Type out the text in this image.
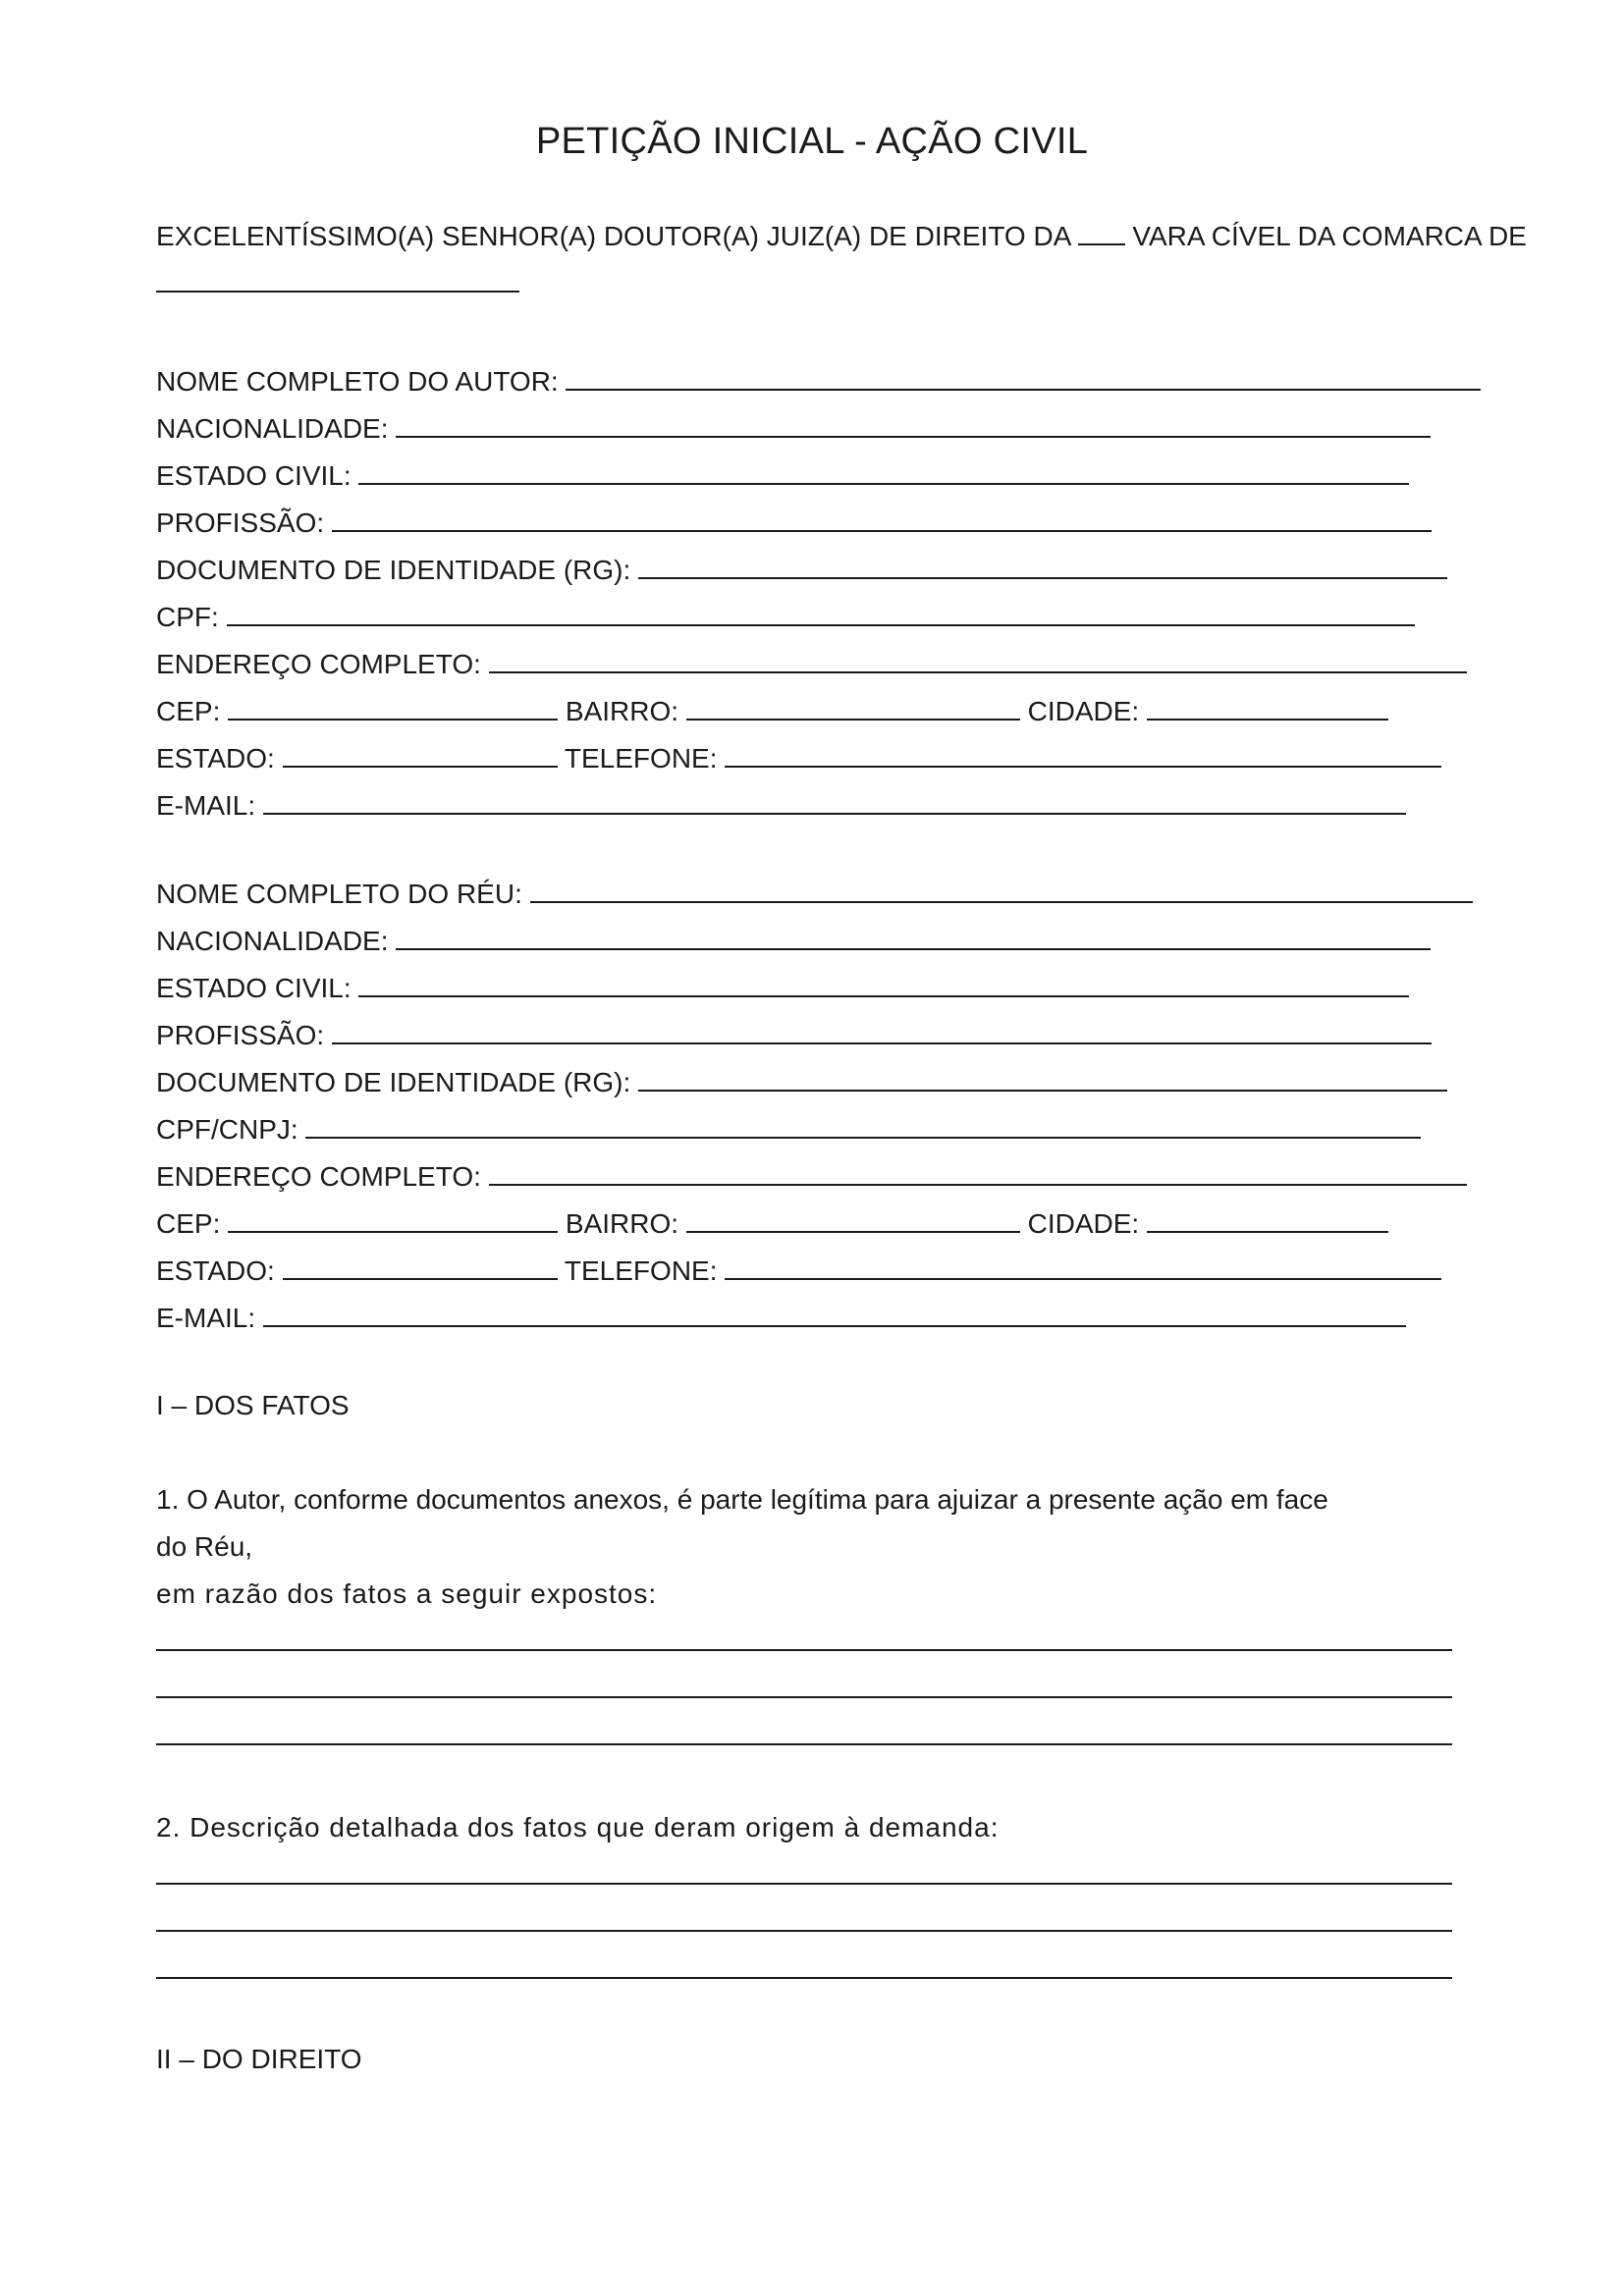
PETIÇÃO INICIAL - AÇÃO CIVIL
EXCELENTÍSSIMO(A) SENHOR(A) DOUTOR(A) JUIZ(A) DE DIREITO DA VARA CÍVEL DA COMARCA DE
NOME COMPLETO DO AUTOR:
NACIONALIDADE:
ESTADO CIVIL:
PROFISSÃO:
DOCUMENTO DE IDENTIDADE (RG):
CPF:
ENDEREÇO COMPLETO:
CEP:	BAIRRO:	CIDADE:
ESTADO:	TELEFONE:
E-MAIL:
NOME COMPLETO DO RÉU:
NACIONALIDADE:
ESTADO CIVIL:
PROFISSÃO:
DOCUMENTO DE IDENTIDADE (RG):
CPF/CNPJ:
ENDEREÇO COMPLETO:
CEP:	BAIRRO:	CIDADE:
ESTADO:	TELEFONE:
E-MAIL:
I – DOS FATOS
1. O Autor, conforme documentos anexos, é parte legítima para ajuizar a presente ação em face
do Réu,
em razão dos fatos a seguir expostos:
2. Descrição detalhada dos fatos que deram origem à demanda:
II – DO DIREITO
